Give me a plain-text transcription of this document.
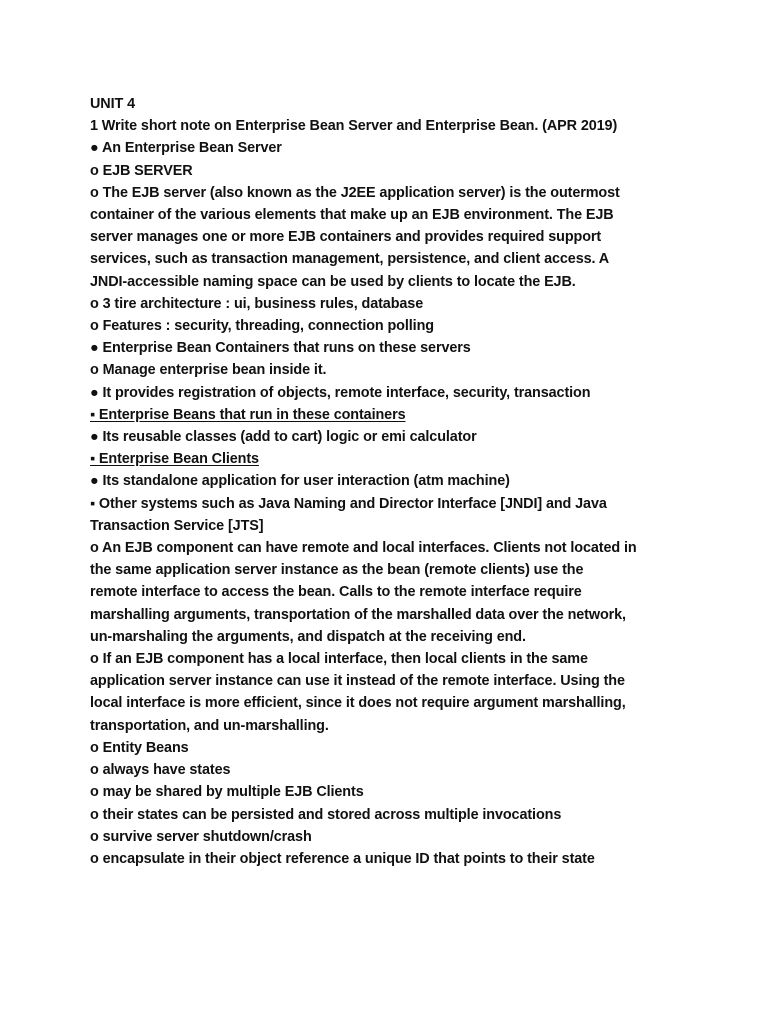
UNIT 4

1 Write short note on Enterprise Bean Server and Enterprise Bean. (APR 2019)

● An Enterprise Bean Server

o EJB SERVER

o The EJB server (also known as the J2EE application server) is the outermost

container of the various elements that make up an EJB environment. The EJB

server manages one or more EJB containers and provides required support

services, such as transaction management, persistence, and client access. A

JNDI-accessible naming space can be used by clients to locate the EJB.

o 3 tire architecture : ui, business rules, database

o Features : security, threading, connection polling

● Enterprise Bean Containers that runs on these servers

o Manage enterprise bean inside it.

● It provides registration of objects, remote interface, security, transaction

▪ Enterprise Beans that run in these containers

● Its reusable classes (add to cart) logic or emi calculator

▪ Enterprise Bean Clients

● Its standalone application for user interaction (atm machine)

▪ Other systems such as Java Naming and Director Interface [JNDI] and Java

Transaction Service [JTS]

o An EJB component can have remote and local interfaces. Clients not located in

the same application server instance as the bean (remote clients) use the

remote interface to access the bean. Calls to the remote interface require

marshalling arguments, transportation of the marshalled data over the network,

un-marshaling the arguments, and dispatch at the receiving end.

o If an EJB component has a local interface, then local clients in the same

application server instance can use it instead of the remote interface. Using the

local interface is more efficient, since it does not require argument marshalling,

transportation, and un-marshalling.

o Entity Beans

o always have states

o may be shared by multiple EJB Clients

o their states can be persisted and stored across multiple invocations

o survive server shutdown/crash

o encapsulate in their object reference a unique ID that points to their state
